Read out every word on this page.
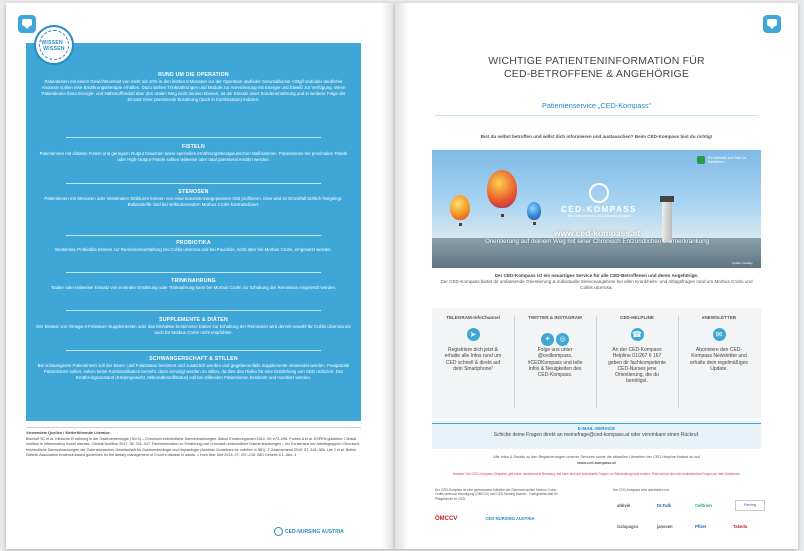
WISSEN · WISSEN
RUND UM DIE OPERATION

Patientinnen mit einem Gewichtsverlust von mehr als 10% in den letzten 6 Monaten vor der Operation und/oder Serumalbumin <30g/l und/oder deutlicher Anorexie sollten eine Ernährungstherapie erhalten. Dazu stehen Trinknahrungen und Module zur Anreicherung mit Energie und Eiweiß zur Verfügung. Wenn Patientinnen ihren Energie- und Nährstoffbedarf über den oralen Weg nicht decken können, ist der Einsatz einer Sondenernährung und in weiterer Folge der Einsatz einer parenterale Ernährung (auch in Kombination) indiziert.

FISTELN

Patientinnen mit distalen Fisteln und geringem Output brauchen keine speziellen ernährungstherapeutischen Maßnahmen. Patientinnen mit proximalen Fisteln oder High-Output-Fisteln sollten teilweise oder total parenteral ernährt werden.

STENOSEN

Patientinnen mit Stenosen oder intestinalen Strikturen können von einer konsistenzangepassten Diät profitieren. Dies wird im Einzelfall ärztlich festgelegt. Ballaststoffe sind bei strikturierendem Morbus Crohn kontraindiziert.

PROBIOTIKA

Bestimmte Probiotika können zur Remissionserhaltung bei Colitis ulcerosa und bei Pouchitis, nicht aber bei Morbus Crohn, eingesetzt werden.

TRINKNAHRUNG

Totaler oder teilweiser Einsatz von enteraler Ernährung oder Trinknahrung kann bei Morbus Crohn zur Erhaltung der Remission eingesetzt werden.

SUPPLEMENTE & DIÄTEN

Der Einsatz von Omega-3-Fettsäure-Supplementen oder das Einhalten bestimmter Diäten zur Erhaltung der Remission wird derzeit sowohl für Colitis ulcerosa als auch für Morbus Crohn nicht empfohlen.

SCHWANGERSCHAFT & STILLEN

Bei schwangeren Patientinnen soll der Eisen- und Folatstatus bestimmt und zusätzlich werden und gegebenenfalls Supplemente verwendet werden. Postpartale Patientinnen sollen, sofern keine Kontraindikation besteht, darin ermutigt werden zu stillen, da dies das Risiko für eine Entstehung von CED reduziert. Der Ernährungszustand (Körpergewicht, Mikronährstoffstatus) soll bei stillenden Patientinnen bestimmt und monitiert werden.

Verwendete Quellen / Weiterführende Literatur:
Bischoff SC et al. Klinische Ernährung in der Gastroenterologie (Teil 4) – Chronisch-entzündliche Darmerkrankungen. Aktuel Ernahrungsmed 2014; 39: e72–e98. Forbes A et al. ESPEN guideline: Clinical nutrition in inflammatory bowel disease. Clinical Nutrition 2017; 36: 321–347. Fachinformation zu Ernährung und Chronisch-entzündliche Darmerkrankungen – ein Konsensus der Arbeitsgruppen Chronisch-entzündliche Darmerkrankungen der Österreichischen Gesellschaft für Gastroenterologie und Hepatologie (Austrian Guidelines for nutrition in IBD). Z Gastroenterol 2019; 57: 318–386. Lee J et al. British Dietetic Association evidence-based guidelines for the dietary management of Crohn's disease in adults. J Hum Nutr Diet 2014; 27: 207–218. IMD Genetic 6.1. Abs. 4
CED-NURSING AUSTRIA
WICHTIGE PATIENTENINFORMATION FÜR
CED-BETROFFENE & ANGEHÖRIGE
Patientenservice „CED-Kompass“
Bist du selbst betroffen und willst dich informieren und austauschen? Beim CED-Kompass bist du richtig!
CED-KOMPASS
Ein Service von CED-Nursing Austria
www.ced-kompass.at
Orientierung auf deinem Weg mit einer Chronisch Entzündlichen Darmerkrankung
Ein Webseite zum Start ins Darmleben
Quelle: pixabay
Der CED-Kompass ist ein neuartiges Service für alle CED-Betroffenen und deren Angehörige.
Der CED-Kompass bietet dir umfassende Orientierung & individuelle Serviceangebote bei allen Krankheits- und Alltagsfragen rund um Morbus Crohn und Colitis ulcerosa.
TELEGRAM-InfoChannel
➤
Registriere dich jetzt & erhalte alle Infos rund um CED schnell & direkt auf dein Smartphone!
TWITTER & INSTAGRAM
✦ ◎
Folge uns unter @cedkompass, #CEDKompass und teile Infos & Neuigkeiten des CED-Kompass.
CED-HELPLINE
☎
An der CED-Kompass Helpline 01/267 6 167 geben dir fachkompetente CED-Nurses jene Orientierung, die du benötigst.
eNEWSLETTER
✉
Abonniere den CED-Kompass Newsletter und erhalte dein regelmäßiges Update.
E-MAIL-SERVICE
Schicke deine Fragen direkt an meinefrage@ced-kompass.at oder vereinbare einen Rückruf.
Alle Infos & Details zu den Registrierungen unserer Services sowie die aktuellen Uhrzeiten der CED-Helpline findest du auf
www.ced-kompass.at
Hinweis: Der CED-Kompass (Helpline) gibt keine medizinische Beratung und kann sich auf individuelle Fragen zur Behandlung nicht äußern. Bitte wende dich mit medizinischen Fragen an dein Ärzteteam.
Der CED-Kompass ist eine gemeinsame Initiative der Österreichischen Morbus Crohn-Colitis ulcerosa Vereinigung (ÖMCCV) und CED-Nursing Austria – Fachgesellschaft für Pflegeberufe im CED.
Der CED-Kompass wird unterstützt von:
ÖMCCV	CED-NURSING AUSTRIA
abbvie	Dr.Falk	Ferring
Galapagos	janssen	Pfizer	Takeda
Celltrion
